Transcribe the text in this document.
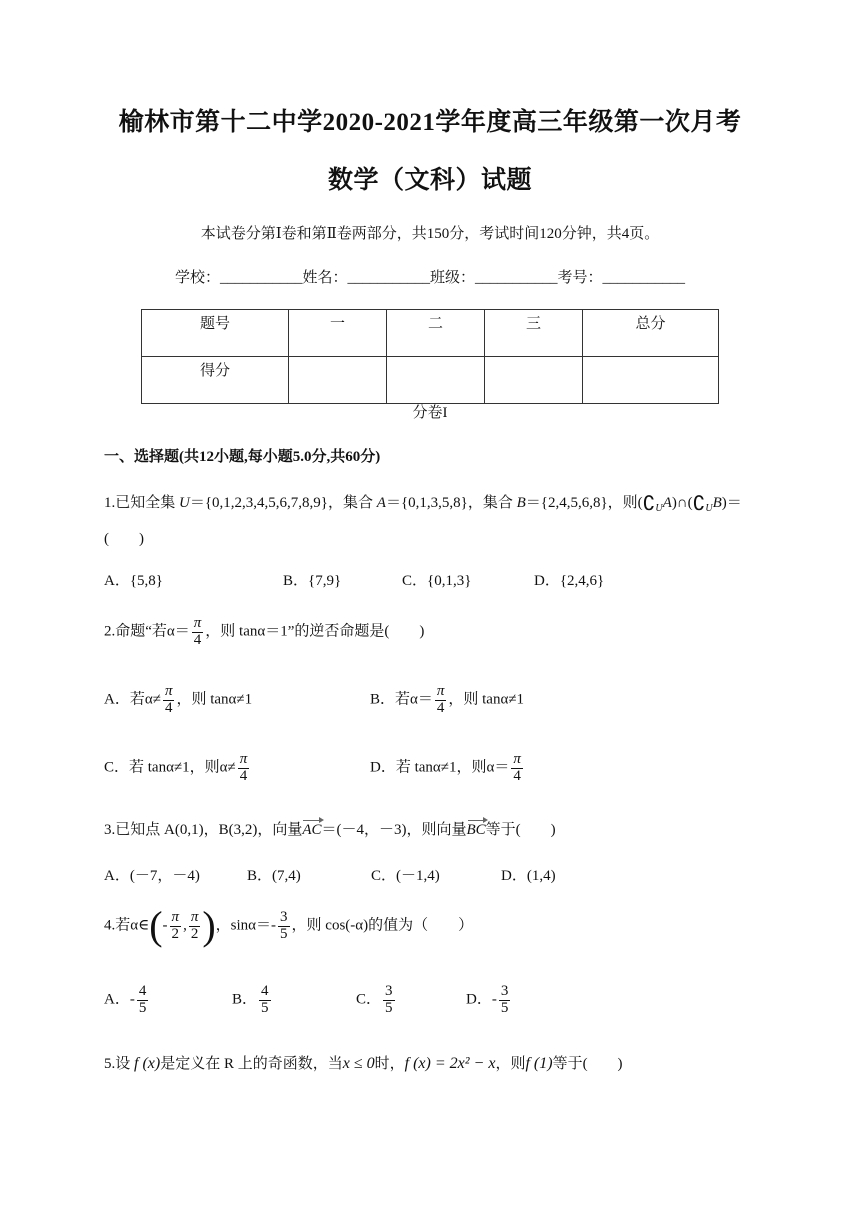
榆林市第十二中学2020-2021学年度高三年级第一次月考
数学（文科）试题
本试卷分第Ⅰ卷和第Ⅱ卷两部分，共150分，考试时间120分钟，共4页。
学校：___________姓名：___________班级：___________考号：___________
题号	一	二	三	总分
得分				
分卷I
一、选择题(共12小题,每小题5.0分,共60分)
1.已知全集 U＝{0,1,2,3,4,5,6,7,8,9}，集合 A＝{0,1,3,5,8}，集合 B＝{2,4,5,6,8}，则$(∁_UA)\cap(∁_UB)=$
(　　)
A．{5,8}	B．{7,9}	C．{0,1,3}	D．{2,4,6}
2.命题“若$\alpha= \frac{\pi}{4}$ ，则 tanα＝1”的逆否命题是(　　)
A．若$\alpha\ne \frac{\pi}{4}$ ，则 tanα≠1	B．若$\alpha= \frac{\pi}{4}$ ，则 tanα≠1
C．若 tanα≠1，则$\alpha\ne \frac{\pi}{4}$	D．若 tanα≠1，则$\alpha= \frac{\pi}{4}$
3.已知点 A(0,1)，B(3,2)，向量AC＝(－4，－3)，则向量BC等于(　　)
A．(－7，－4)	B．(7,4)	C．(－1,4)	D．(1,4)
4.若α∈(- $\frac{\pi}{2}$ , $\frac{\pi}{2}$ )，$\sin\alpha=- \frac{3}{5}$ ，则 cos(-α)的值为（　　）
A．- $\frac{4}{5}$	B． $\frac{4}{5}$	C． $\frac{3}{5}$	D．- $\frac{3}{5}$
5.设 f (x)是定义在 R 上的奇函数，当x ≤ 0时，f (x) = 2x² − x，则f (1)等于(　　)
